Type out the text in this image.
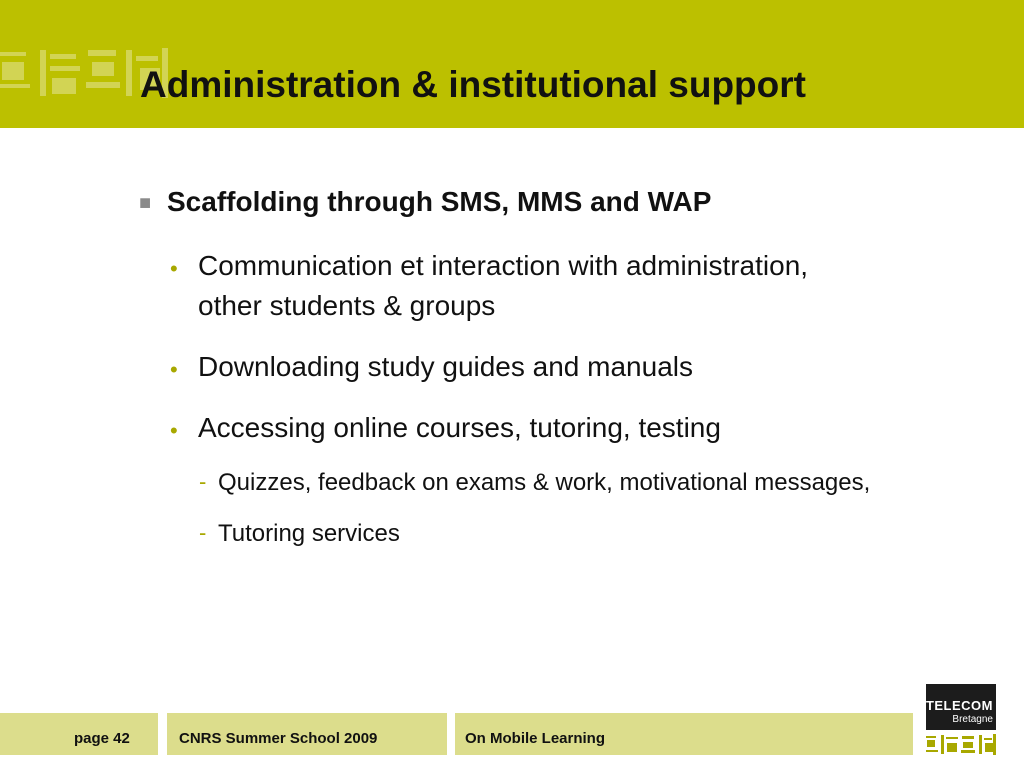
Administration & institutional support
■ Scaffolding through SMS, MMS and WAP
• Communication et interaction with administration,
other students & groups
• Downloading study guides and manuals
• Accessing online courses, tutoring, testing
- Quizzes, feedback on exams & work, motivational messages,
- Tutoring services
page 42	CNRS Summer School 2009	On Mobile Learning
TELECOM
Bretagne
